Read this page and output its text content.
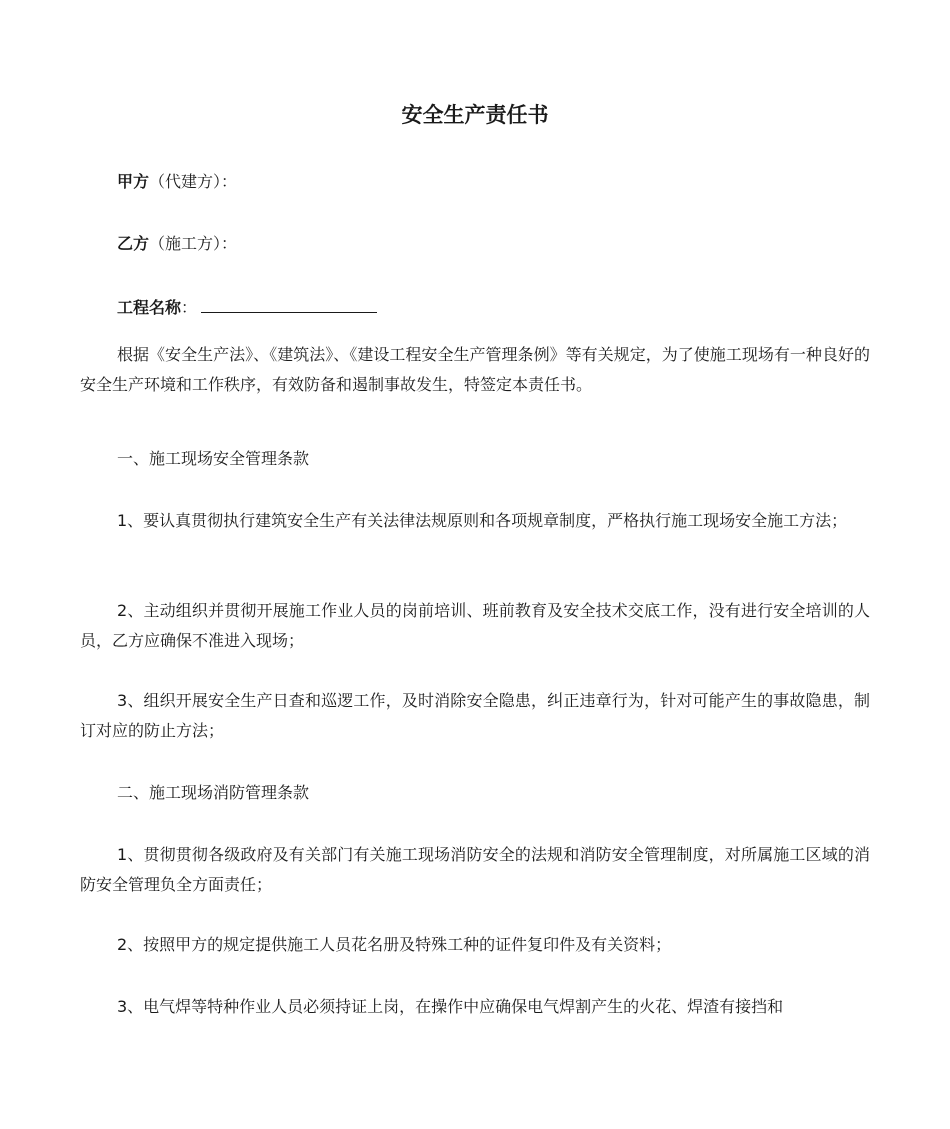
安全生产责任书
甲方（代建方）：
乙方（施工方）：
工程名称：

根据《安全生产法》、《建筑法》、《建设工程安全生产管理条例》等有关规定，为了使施工现场有一种良好的安全生产环境和工作秩序，有效防备和遏制事故发生，特签定本责任书。

一、施工现场安全管理条款

1、要认真贯彻执行建筑安全生产有关法律法规原则和各项规章制度，严格执行施工现场安全施工方法；

2、主动组织并贯彻开展施工作业人员的岗前培训、班前教育及安全技术交底工作，没有进行安全培训的人员，乙方应确保不准进入现场；

3、组织开展安全生产日查和巡逻工作，及时消除安全隐患，纠正违章行为，针对可能产生的事故隐患，制订对应的防止方法；

二、施工现场消防管理条款

1、贯彻贯彻各级政府及有关部门有关施工现场消防安全的法规和消防安全管理制度，对所属施工区域的消防安全管理负全方面责任；

2、按照甲方的规定提供施工人员花名册及特殊工种的证件复印件及有关资料；

3、电气焊等特种作业人员必须持证上岗，在操作中应确保电气焊割产生的火花、焊渣有接挡和
